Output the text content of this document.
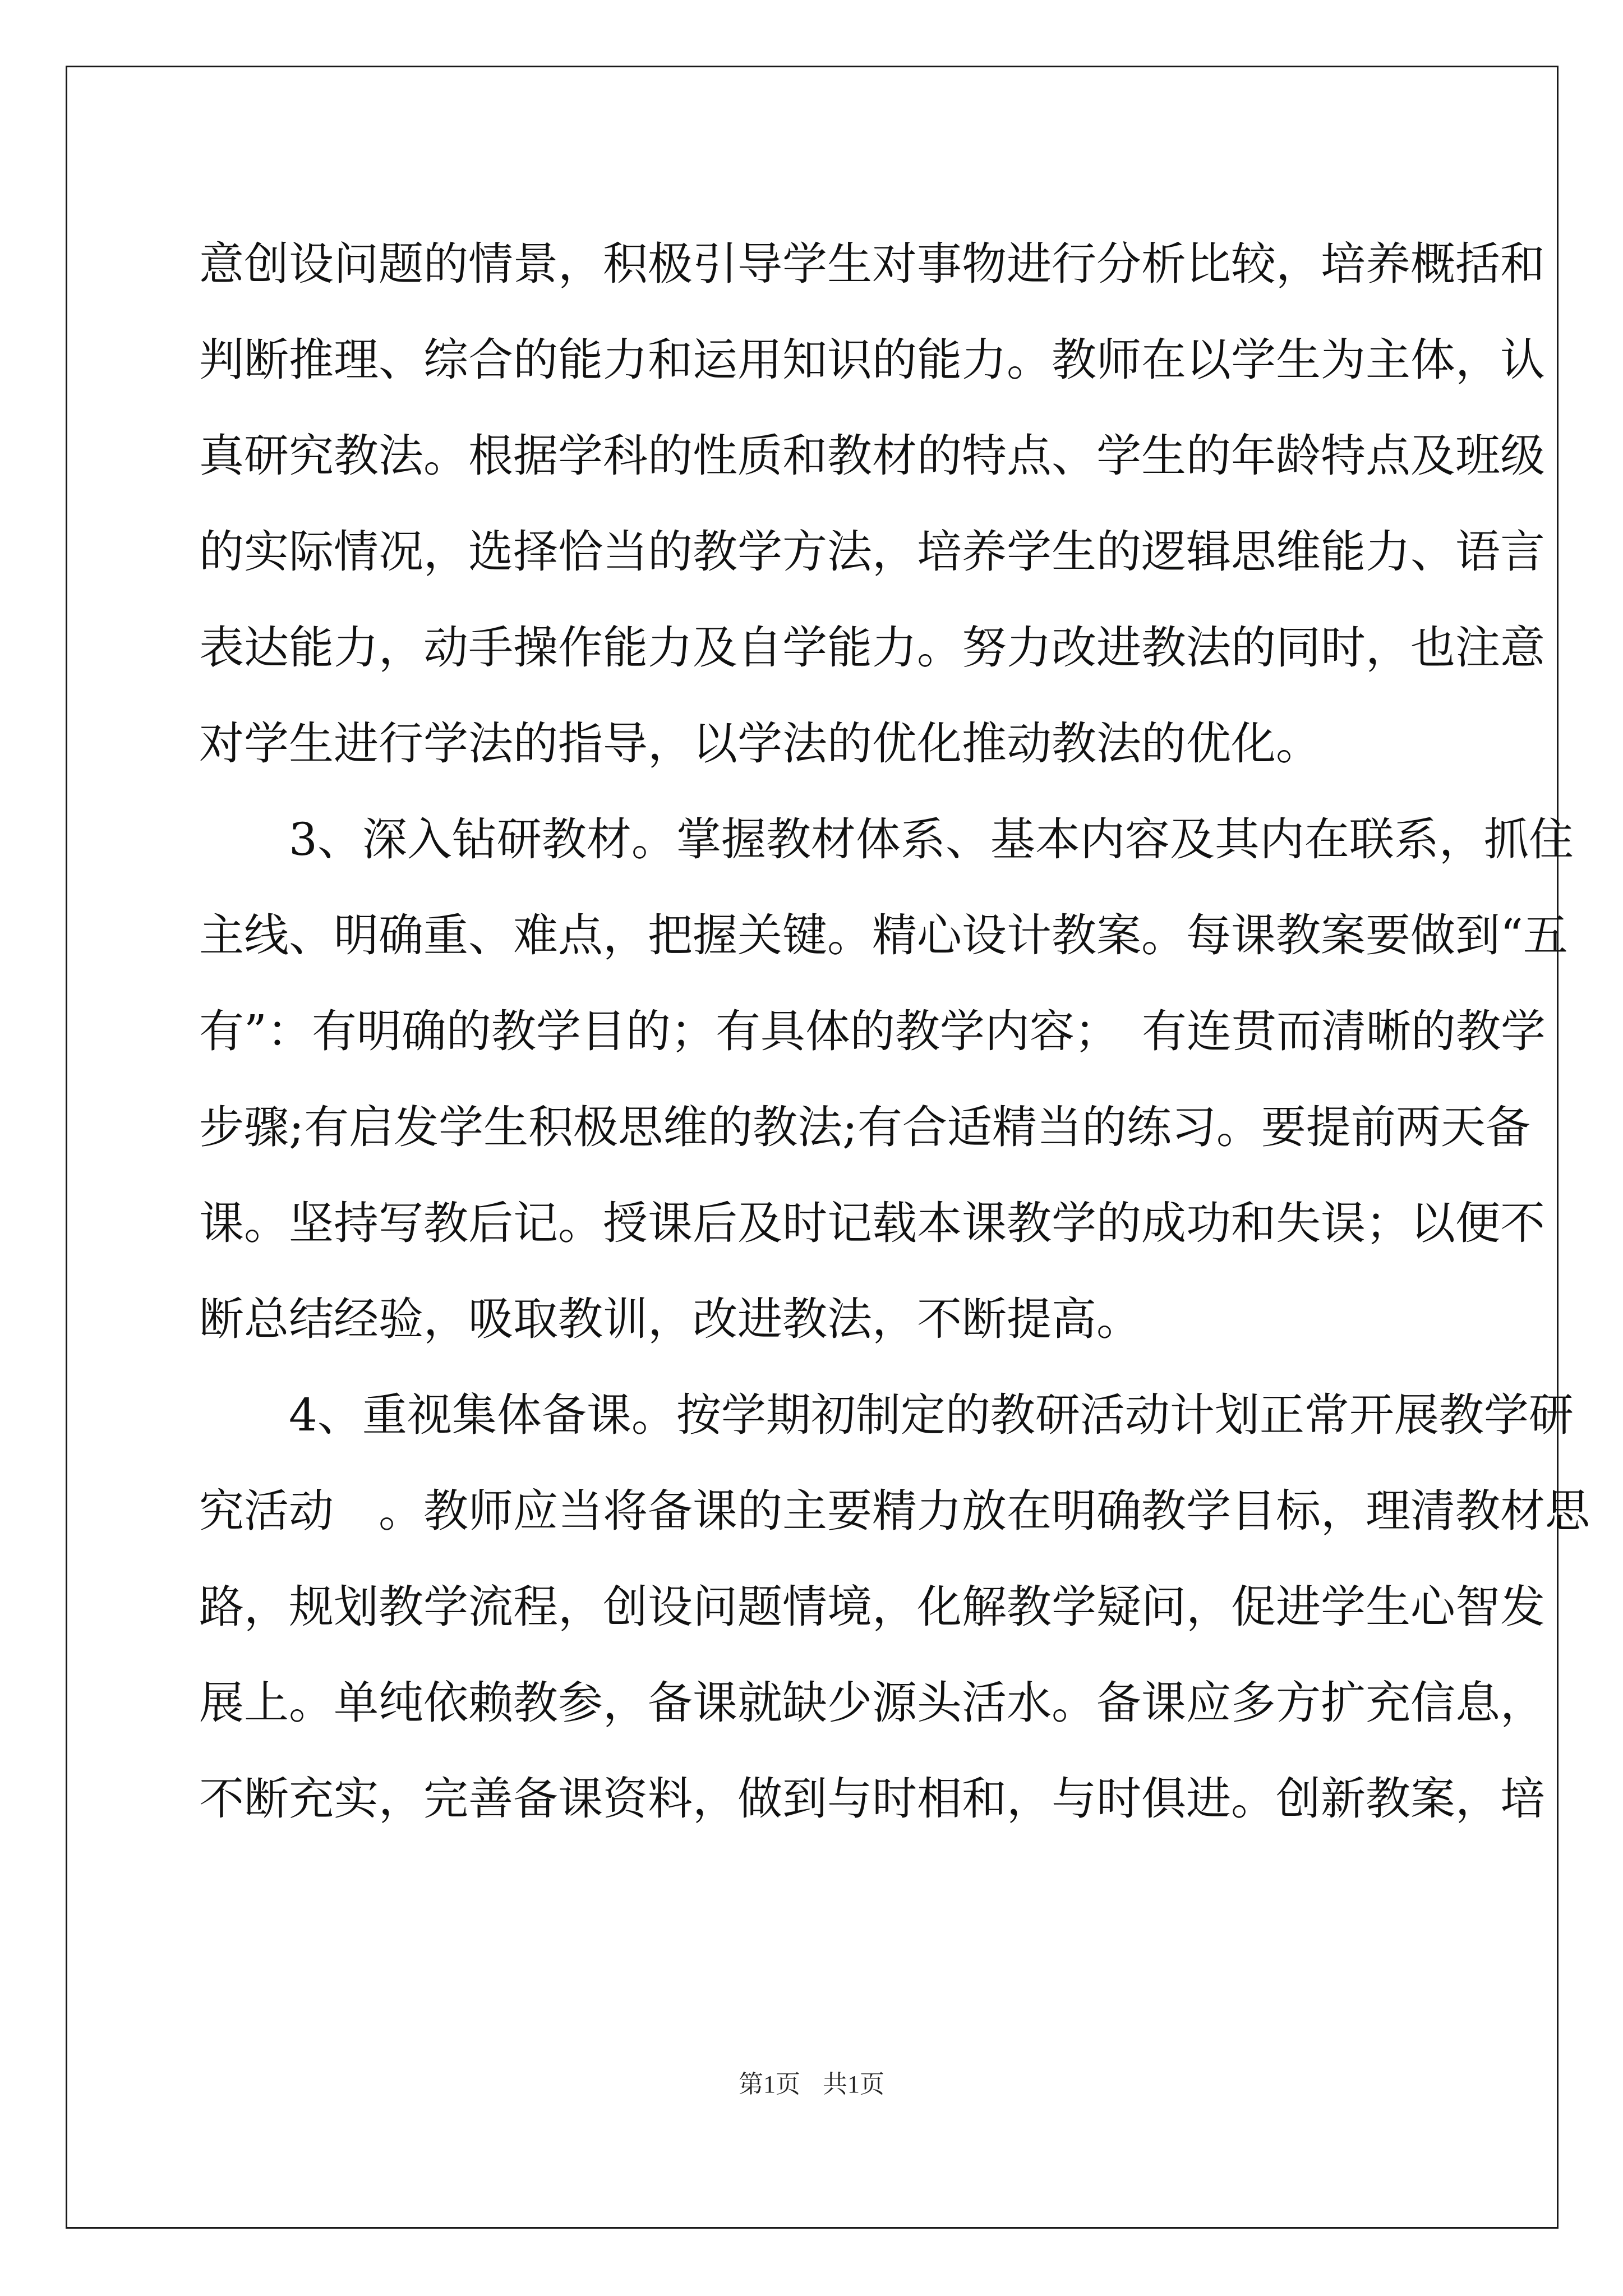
意创设问题的情景，积极引导学生对事物进行分析比较，培养概括和
判断推理、综合的能力和运用知识的能力。教师在以学生为主体，认
真研究教法。根据学科的性质和教材的特点、学生的年龄特点及班级
的实际情况，选择恰当的教学方法，培养学生的逻辑思维能力、语言
表达能力，动手操作能力及自学能力。努力改进教法的同时，也注意
对学生进行学法的指导，以学法的优化推动教法的优化。
3、深入钻研教材。掌握教材体系、基本内容及其内在联系，抓住
主线、明确重、难点，把握关键。精心设计教案。每课教案要做到“五
有”：有明确的教学目的；有具体的教学内容；　有连贯而清晰的教学
步骤;有启发学生积极思维的教法;有合适精当的练习。要提前两天备
课。坚持写教后记。授课后及时记载本课教学的成功和失误；以便不
断总结经验，吸取教训，改进教法，不断提高。
4、重视集体备课。按学期初制定的教研活动计划正常开展教学研
究活动　。教师应当将备课的主要精力放在明确教学目标，理清教材思
路，规划教学流程，创设问题情境，化解教学疑问，促进学生心智发
展上。单纯依赖教参，备课就缺少源头活水。备课应多方扩充信息，
不断充实，完善备课资料，做到与时相和，与时俱进。创新教案，培
第1页 共1页
